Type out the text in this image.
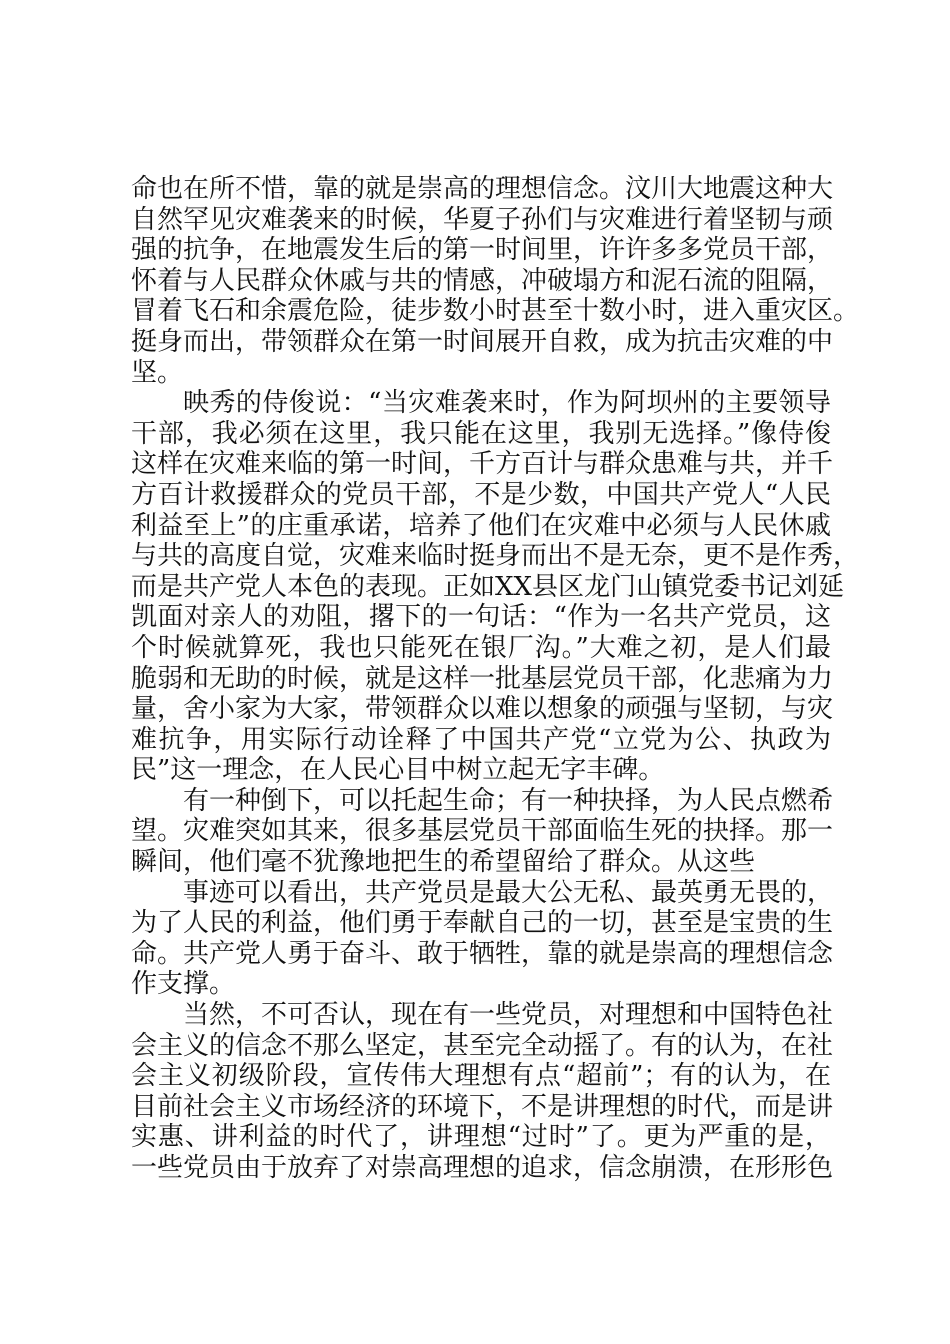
命也在所不惜，靠的就是崇高的理想信念。汶川大地震这种大
自然罕见灾难袭来的时候，华夏子孙们与灾难进行着坚韧与顽
强的抗争，在地震发生后的第一时间里，许许多多党员干部，
怀着与人民群众休戚与共的情感，冲破塌方和泥石流的阻隔，
冒着飞石和余震危险，徒步数小时甚至十数小时，进入重灾区。
挺身而出，带领群众在第一时间展开自救，成为抗击灾难的中
坚。
映秀的侍俊说：“当灾难袭来时，作为阿坝州的主要领导
干部，我必须在这里，我只能在这里，我别无选择。”像侍俊
这样在灾难来临的第一时间，千方百计与群众患难与共，并千
方百计救援群众的党员干部，不是少数，中国共产党人“人民
利益至上”的庄重承诺，培养了他们在灾难中必须与人民休戚
与共的高度自觉，灾难来临时挺身而出不是无奈，更不是作秀，
而是共产党人本色的表现。正如XX县区龙门山镇党委书记刘延
凯面对亲人的劝阻，撂下的一句话：“作为一名共产党员，这
个时候就算死，我也只能死在银厂沟。”大难之初，是人们最
脆弱和无助的时候，就是这样一批基层党员干部，化悲痛为力
量，舍小家为大家，带领群众以难以想象的顽强与坚韧，与灾
难抗争，用实际行动诠释了中国共产党“立党为公、执政为
民”这一理念，在人民心目中树立起无字丰碑。
有一种倒下，可以托起生命；有一种抉择，为人民点燃希
望。灾难突如其来，很多基层党员干部面临生死的抉择。那一
瞬间，他们毫不犹豫地把生的希望留给了群众。从这些
事迹可以看出，共产党员是最大公无私、最英勇无畏的，
为了人民的利益，他们勇于奉献自己的一切，甚至是宝贵的生
命。共产党人勇于奋斗、敢于牺牲，靠的就是崇高的理想信念
作支撑。
当然，不可否认，现在有一些党员，对理想和中国特色社
会主义的信念不那么坚定，甚至完全动摇了。有的认为，在社
会主义初级阶段，宣传伟大理想有点“超前”；有的认为，在
目前社会主义市场经济的环境下，不是讲理想的时代，而是讲
实惠、讲利益的时代了，讲理想“过时”了。更为严重的是，
一些党员由于放弃了对崇高理想的追求，信念崩溃，在形形色
